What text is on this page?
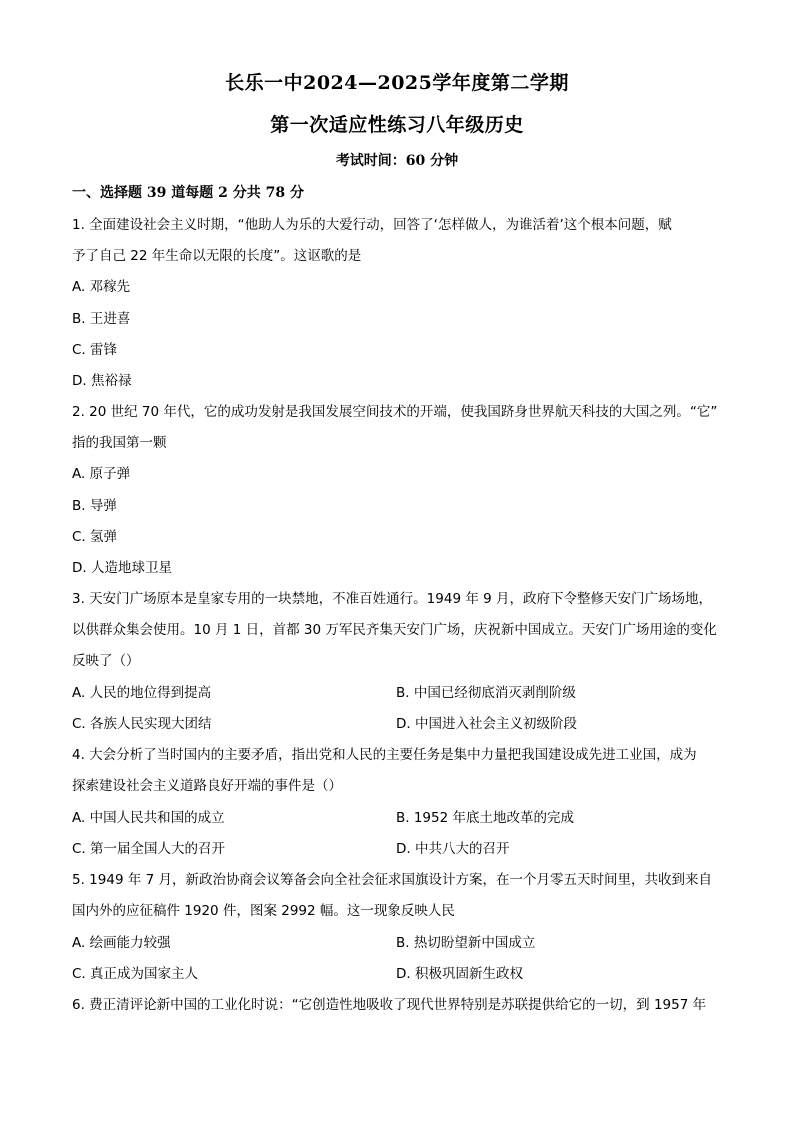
长乐一中2024—2025学年度第二学期
第一次适应性练习八年级历史
考试时间：60 分钟
一、选择题 39 道每题 2 分共 78 分
1. 全面建设社会主义时期，“他助人为乐的大爱行动，回答了‘怎样做人，为谁活着’这个根本问题，赋
予了自己 22 年生命以无限的长度”。这讴歌的是
A. 邓稼先
B. 王进喜
C. 雷锋
D. 焦裕禄
2. 20 世纪 70 年代，它的成功发射是我国发展空间技术的开端，使我国跻身世界航天科技的大国之列。“它”
指的我国第一颗
A. 原子弹
B. 导弹
C. 氢弹
D. 人造地球卫星
3. 天安门广场原本是皇家专用的一块禁地，不准百姓通行。1949 年 9 月，政府下令整修天安门广场场地，
以供群众集会使用。10 月 1 日，首都 30 万军民齐集天安门广场，庆祝新中国成立。天安门广场用途的变化
反映了（）
A. 人民的地位得到提高	B. 中国已经彻底消灭剥削阶级
C. 各族人民实现大团结	D. 中国进入社会主义初级阶段
4. 大会分析了当时国内的主要矛盾，指出党和人民的主要任务是集中力量把我国建设成先进工业国，成为
探索建设社会主义道路良好开端的事件是（）
A. 中国人民共和国的成立	B. 1952 年底土地改革的完成
C. 第一届全国人大的召开	D. 中共八大的召开
5. 1949 年 7 月，新政治协商会议筹备会向全社会征求国旗设计方案，在一个月零五天时间里，共收到来自
国内外的应征稿件 1920 件，图案 2992 幅。这一现象反映人民
A. 绘画能力较强	B. 热切盼望新中国成立
C. 真正成为国家主人	D. 积极巩固新生政权
6. 费正清评论新中国的工业化时说：“它创造性地吸收了现代世界特别是苏联提供给它的一切，到 1957 年
